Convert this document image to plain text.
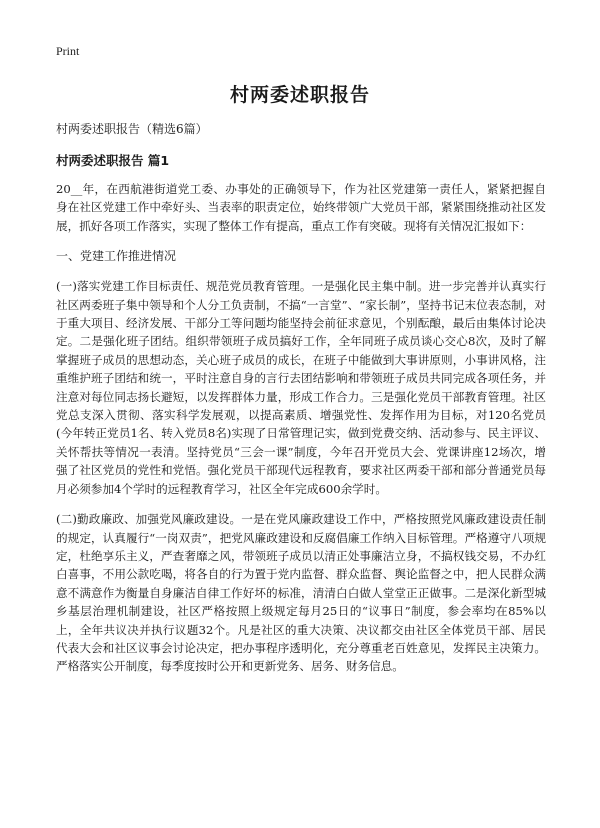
Print
村两委述职报告

村两委述职报告（精选6篇）

村两委述职报告 篇1

20__年，在西航港街道党工委、办事处的正确领导下，作为社区党建第一责任人，紧紧把握自身在社区党建工作中牵好头、当表率的职责定位，始终带领广大党员干部，紧紧围绕推动社区发展，抓好各项工作落实，实现了整体工作有提高，重点工作有突破。现将有关情况汇报如下：

一、党建工作推进情况

(一)落实党建工作目标责任、规范党员教育管理。一是强化民主集中制。进一步完善并认真实行社区两委班子集中领导和个人分工负责制，不搞“一言堂”、“家长制”，坚持书记末位表态制，对于重大项目、经济发展、干部分工等问题均能坚持会前征求意见，个别酝酿，最后由集体讨论决定。二是强化班子团结。组织带领班子成员搞好工作，全年同班子成员谈心交心8次，及时了解掌握班子成员的思想动态，关心班子成员的成长，在班子中能做到大事讲原则，小事讲风格，注重维护班子团结和统一，平时注意自身的言行去团结影响和带领班子成员共同完成各项任务，并注意对每位同志扬长避短，以发挥群体力量，形成工作合力。三是强化党员干部教育管理。社区党总支深入贯彻、落实科学发展观，以提高素质、增强党性、发挥作用为目标，对120名党员(今年转正党员1名、转入党员8名)实现了日常管理记实，做到党费交纳、活动参与、民主评议、关怀帮扶等情况一表清。坚持党员“三会一课”制度，今年召开党员大会、党课讲座12场次，增强了社区党员的党性和党悟。强化党员干部现代远程教育，要求社区两委干部和部分普通党员每月必须参加4个学时的远程教育学习，社区全年完成600余学时。

(二)勤政廉政、加强党风廉政建设。一是在党风廉政建设工作中，严格按照党风廉政建设责任制的规定，认真履行“一岗双责”，把党风廉政建设和反腐倡廉工作纳入目标管理。严格遵守八项规定，杜绝享乐主义，严查奢靡之风，带领班子成员以清正处事廉洁立身，不搞权钱交易，不办红白喜事，不用公款吃喝，将各自的行为置于党内监督、群众监督、舆论监督之中，把人民群众满意不满意作为衡量自身廉洁自律工作好坏的标准，清清白白做人堂堂正正做事。二是深化新型城乡基层治理机制建设，社区严格按照上级规定每月25日的“议事日”制度，参会率均在85%以上，全年共议决并执行议题32个。凡是社区的重大决策、决议都交由社区全体党员干部、居民代表大会和社区议事会讨论决定，把办事程序透明化，充分尊重老百姓意见，发挥民主决策力。严格落实公开制度，每季度按时公开和更新党务、居务、财务信息。
